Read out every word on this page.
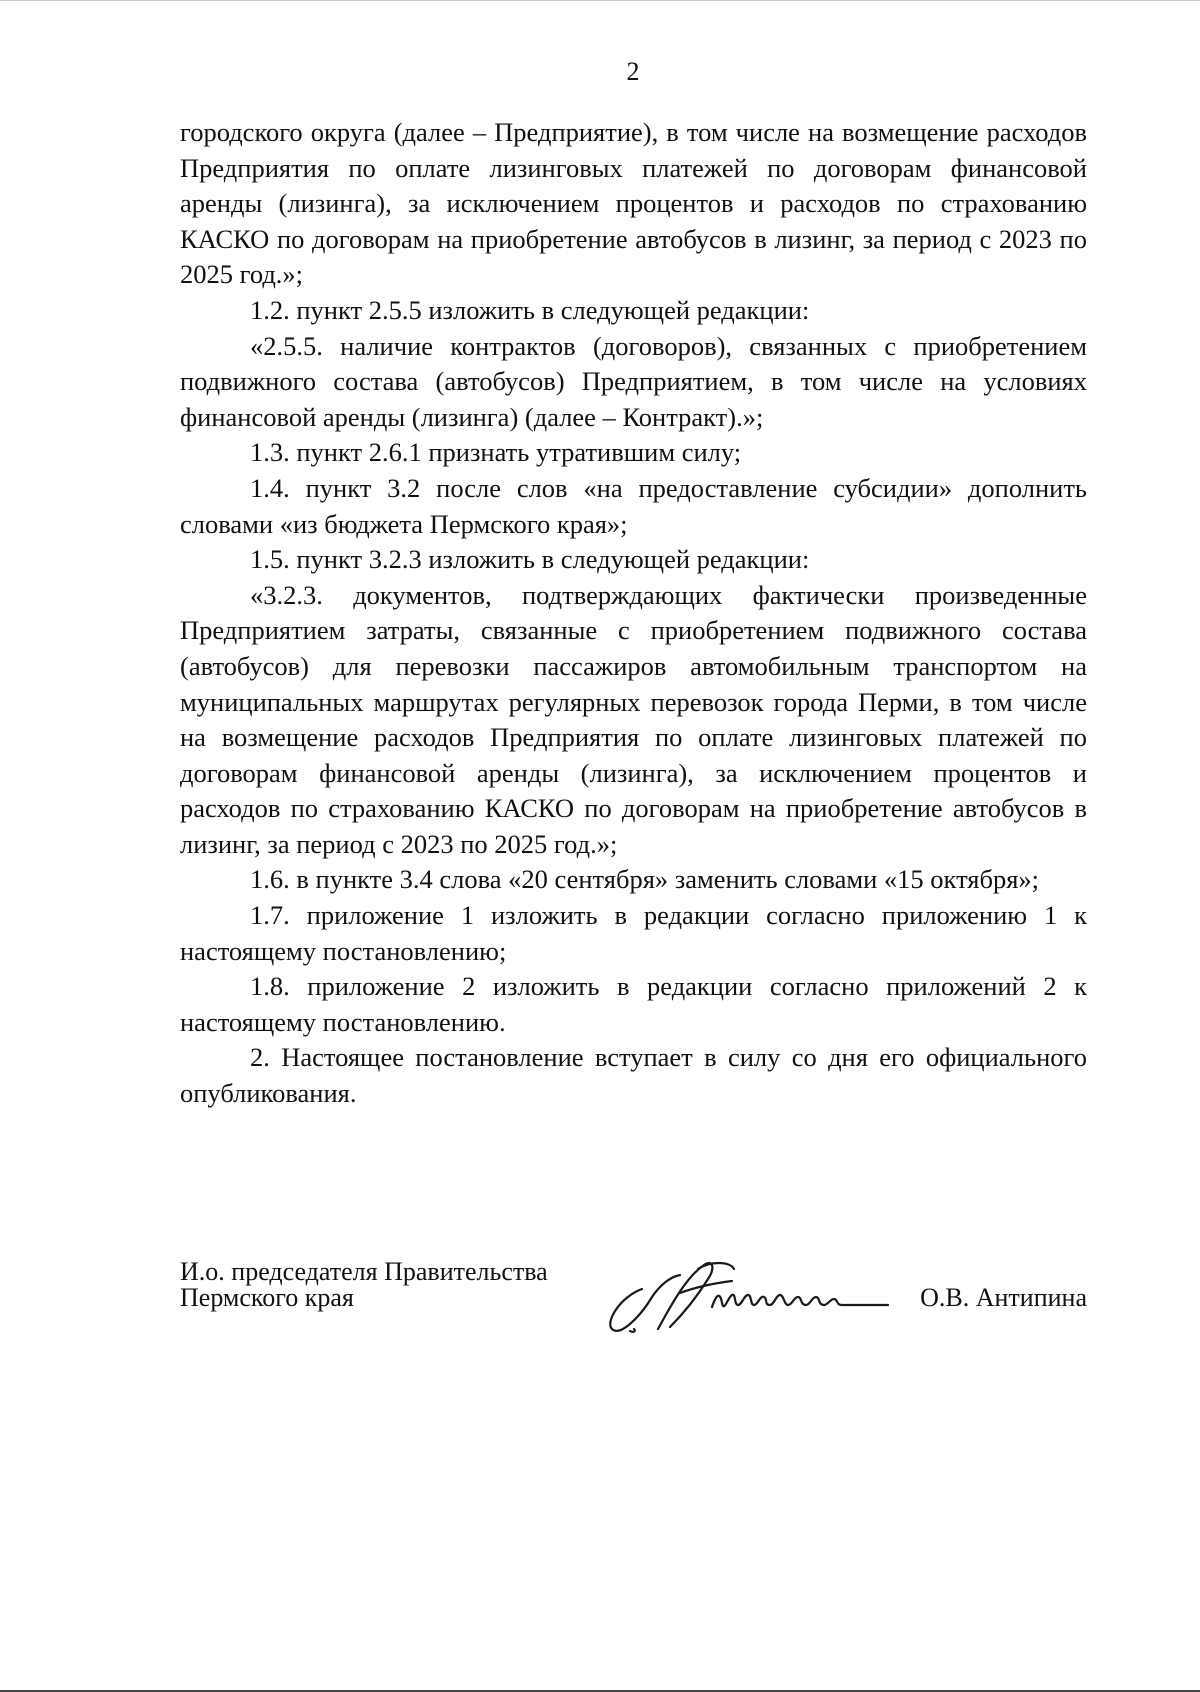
2

городского округа (далее – Предприятие), в том числе на возмещение расходов Предприятия по оплате лизинговых платежей по договорам финансовой аренды (лизинга), за исключением процентов и расходов по страхованию КАСКО по договорам на приобретение автобусов в лизинг, за период с 2023 по 2025 год.»;

1.2. пункт 2.5.5 изложить в следующей редакции:

«2.5.5. наличие контрактов (договоров), связанных с приобретением подвижного состава (автобусов) Предприятием, в том числе на условиях финансовой аренды (лизинга) (далее – Контракт).»;

1.3. пункт 2.6.1 признать утратившим силу;

1.4. пункт 3.2 после слов «на предоставление субсидии» дополнить словами «из бюджета Пермского края»;

1.5. пункт 3.2.3 изложить в следующей редакции:

«3.2.3. документов, подтверждающих фактически произведенные Предприятием затраты, связанные с приобретением подвижного состава (автобусов) для перевозки пассажиров автомобильным транспортом на муниципальных маршрутах регулярных перевозок города Перми, в том числе на возмещение расходов Предприятия по оплате лизинговых платежей по договорам финансовой аренды (лизинга), за исключением процентов и расходов по страхованию КАСКО по договорам на приобретение автобусов в лизинг, за период с 2023 по 2025 год.»;

1.6. в пункте 3.4 слова «20 сентября» заменить словами «15 октября»;

1.7. приложение 1 изложить в редакции согласно приложению 1 к настоящему постановлению;

1.8. приложение 2 изложить в редакции согласно приложений 2 к настоящему постановлению.

2. Настоящее постановление вступает в силу со дня его официального опубликования.

И.о. председателя Правительства
Пермского края	О.В. Антипина
